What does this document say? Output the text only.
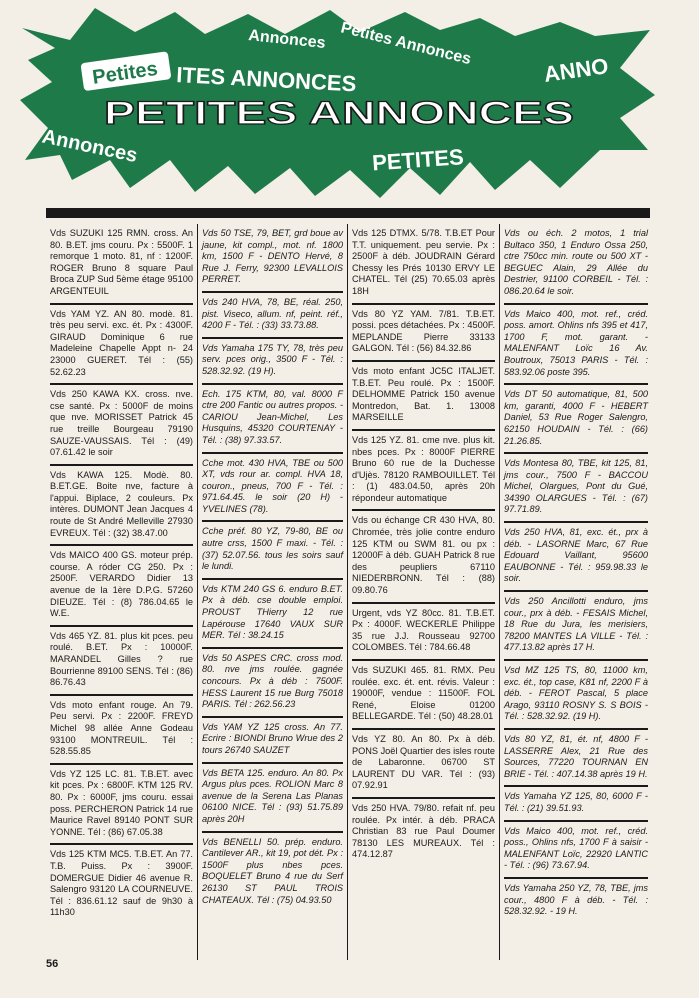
Petites ITES ANNONCES
Annonces Petites Annonces
ANNO
PETITES ANNONCES
Annonces	PETITES
Vds SUZUKI 125 RMN. cross. An 80. B.ET. jms couru. Px : 5500F. 1 remorque 1 moto. 81, nf : 1200F. ROGER Bruno 8 square Paul Broca ZUP Sud 5ème étage 95100 ARGENTEUIL
Vds YAM YZ. AN 80. modè. 81. très peu servi. exc. ét. Px : 4300F. GIRAUD Dominique 6 rue Madeleine Chapelle Appt n- 24 23000 GUERET. Tél : (55) 52.62.23
Vds 250 KAWA KX. cross. nve. cse santé. Px : 5000F de moins que nve. MORISSET Patrick 45 rue treille Bourgeau 79190 SAUZE-VAUSSAIS. Tél : (49) 07.61.42 le soir
Vds KAWA 125. Modè. 80. B.ET.GE. Boite nve, facture à l'appui. Biplace, 2 couleurs. Px intères. DUMONT Jean Jacques 4 route de St André Melleville 27930 EVREUX. Tél : (32) 38.47.00
Vds MAICO 400 GS. moteur prép. course. A róder CG 250. Px : 2500F. VERARDO Didier 13 avenue de la 1ère D.P.G. 57260 DIEUZE. Tél : (8) 786.04.65 le W.E.
Vds 465 YZ. 81. plus kit pces. peu roulé. B.ET. Px : 10000F. MARANDEL Gilles ? rue Bourrienne 89100 SENS. Tél : (86) 86.76.43
Vds moto enfant rouge. An 79. Peu servi. Px : 2200F. FREYD Michel 98 allée Anne Godeau 93100 MONTREUIL. Tél : 528.55.85
Vds YZ 125 LC. 81. T.B.ET. avec kit pces. Px : 6800F. KTM 125 RV. 80. Px : 6000F, jms couru. essai poss. PERCHERON Patrick 14 rue Maurice Ravel 89140 PONT SUR YONNE. Tél : (86) 67.05.38
Vds 125 KTM MC5. T.B.ET. An 77. T.B. Puiss. Px : 3900F. DOMERGUE Didier 46 avenue R. Salengro 93120 LA COURNEUVE. Tél : 836.61.12 sauf de 9h30 à 11h30
Vds 50 TSE, 79, BET, grd boue av jaune, kit compl., mot. nf. 1800 km, 1500 F - DENTO Hervé, 8 Rue J. Ferry, 92300 LEVALLOIS PERRET.
Vds 240 HVA, 78, BE, réal. 250, pist. Viseco, allum. nf, peint. réf., 4200 F - Tél. : (33) 33.73.88.
Vds Yamaha 175 TY, 78, très peu serv. pces orig., 3500 F - Tél. : 528.32.92. (19 H).
Ech. 175 KTM, 80, val. 8000 F ctre 200 Fantic ou autres propos. - CARIOU Jean-Michel, Les Husquins, 45320 COURTENAY - Tél. : (38) 97.33.57.
Cche mot. 430 HVA, TBE ou 500 XT, vds rour ar. compl. HVA 18, couron., pneus, 700 F - Tél. : 971.64.45. le soir (20 H) - YVELINES (78).
Cche préf. 80 YZ, 79-80, BE ou autre crss, 1500 F maxi. - Tél. : (37) 52.07.56. tous les soirs sauf le lundi.
Vds KTM 240 GS 6. enduro B.ET. Px à déb. cse double emploi. PROUST THierry 12 rue Lapérouse 17640 VAUX SUR MER. Tél : 38.24.15
Vds 50 ASPES CRC. cross mod. 80. nve jms roulée. gagnée concours. Px à déb : 7500F. HESS Laurent 15 rue Burg 75018 PARIS. Tél : 262.56.23
Vds YAM YZ 125 cross. An 77. Ecrire : BIONDI Bruno Wrue des 2 tours 26740 SAUZET
Vds BETA 125. enduro. An 80. Px Argus plus pces. ROLION Marc 8 avenue de la Serena Las Planas 06100 NICE. Tél : (93) 51.75.89 après 20H
Vds BENELLI 50. prép. enduro. Cantilever AR., kit 19, pot dét. Px : 1500F plus nbes pces. BOQUELET Bruno 4 rue du Serf 26130 ST PAUL TROIS CHATEAUX. Tél : (75) 04.93.50
Vds 125 DTMX. 5/78. T.B.ET Pour T.T. uniquement. peu servie. Px : 2500F à déb. JOUDRAIN Gérard Chessy les Prés 10130 ERVY LE CHATEL. Tél (25) 70.65.03 après 18H
Vds 80 YZ YAM. 7/81. T.B.ET. possi. pces détachées. Px : 4500F. MEPLANDE Pierre 33133 GALGON. Tél : (56) 84.32.86
Vds moto enfant JC5C ITALJET. T.B.ET. Peu roulé. Px : 1500F. DELHOMME Patrick 150 avenue Montredon, Bat. 1. 13008 MARSEILLE
Vds 125 YZ. 81. cme nve. plus kit. nbes pces. Px : 8000F PIERRE Bruno 60 rue de la Duchesse d'Ujès. 78120 RAMBOUILLET. Tél : (1) 483.04.50, après 20h répondeur automatique
Vds ou échange CR 430 HVA, 80. Chromée, très jolie contre enduro 125 KTM ou SWM 81. ou px : 12000F à déb. GUAH Patrick 8 rue des peupliers 67110 NIEDERBRONN. Tél : (88) 09.80.76
Urgent, vds YZ 80cc. 81. T.B.ET. Px : 4000F. WECKERLE Philippe 35 rue J.J. Rousseau 92700 COLOMBES. Tél : 784.66.48
Vds SUZUKI 465. 81. RMX. Peu roulée. exc. ét. ent. révis. Valeur : 19000F, vendue : 11500F. FOL René, Eloise 01200 BELLEGARDE. Tél : (50) 48.28.01
Vds YZ 80. An 80. Px à déb. PONS Joël Quartier des isles route de Labaronne. 06700 ST LAURENT DU VAR. Tél : (93) 07.92.91
Vds 250 HVA. 79/80. refait nf. peu roulée. Px intér. à déb. PRACA Christian 83 rue Paul Doumer 78130 LES MUREAUX. Tél : 474.12.87
Vds ou éch. 2 motos, 1 trial Bultaco 350, 1 Enduro Ossa 250, ctre 750cc min. route ou 500 XT - BEGUEC Alain, 29 Allée du Destrier, 91100 CORBEIL - Tél. : 086.20.64 le soir.
Vds Maico 400, mot. ref., créd. poss. amort. Ohlins nfs 395 et 417, 1700 F, mot. garant. - MALENFANT Loïc 16 Av. Boutroux, 75013 PARIS - Tél. : 583.92.06 poste 395.
Vds DT 50 automatique, 81, 500 km, garanti, 4000 F - HEBERT Daniel, 53 Rue Roger Salengro, 62150 HOUDAIN - Tél. : (66) 21.26.85.
Vds Montesa 80, TBE, kit 125, 81, jms cour., 7500 F - BACCOU Michel, Olargues, Pont du Gué, 34390 OLARGUES - Tél. : (67) 97.71.89.
Vds 250 HVA, 81, exc. ét., prx à déb. - LASORNE Marc, 67 Rue Edouard Vaillant, 95600 EAUBONNE - Tél. : 959.98.33 le soir.
Vds 250 Ancillotti enduro, jms cour., prx à déb. - FESAIS Michel, 18 Rue du Jura, les merisiers, 78200 MANTES LA VILLE - Tél. : 477.13.82 après 17 H.
Vsd MZ 125 TS, 80, 11000 km, exc. ét., top case, K81 nf, 2200 F à déb. - FEROT Pascal, 5 place Arago, 93110 ROSNY S. S BOIS - Tél. : 528.32.92. (19 H).
Vds 80 YZ, 81, ét. nf, 4800 F - LASSERRE Alex, 21 Rue des Sources, 77220 TOURNAN EN BRIE - Tél. : 407.14.38 après 19 H.
Vds Yamaha YZ 125, 80, 6000 F - Tél. : (21) 39.51.93.
Vds Maico 400, mot. ref., créd. poss., Ohlins nfs, 1700 F à saisir - MALENFANT Loïc, 22920 LANTIC - Tél. : (96) 73.67.94.
Vds Yamaha 250 YZ, 78, TBE, jms cour., 4800 F à déb. - Tél. : 528.32.92. - 19 H.
56
